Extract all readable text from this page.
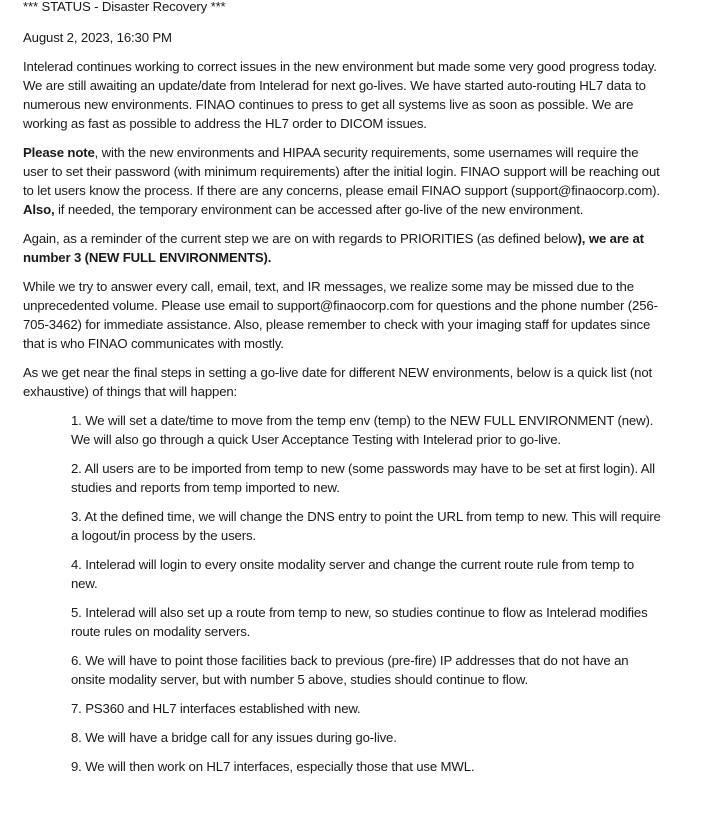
*** STATUS - Disaster Recovery ***

August 2, 2023, 16:30 PM

Intelerad continues working to correct issues in the new environment but made some very good progress today. We are still awaiting an update/date from Intelerad for next go-lives. We have started auto-routing HL7 data to numerous new environments. FINAO continues to press to get all systems live as soon as possible. We are working as fast as possible to address the HL7 order to DICOM issues.

Please note, with the new environments and HIPAA security requirements, some usernames will require the user to set their password (with minimum requirements) after the initial login. FINAO support will be reaching out to let users know the process. If there are any concerns, please email FINAO support (support@finaocorp.com). Also, if needed, the temporary environment can be accessed after go-live of the new environment.

Again, as a reminder of the current step we are on with regards to PRIORITIES (as defined below), we are at number 3 (NEW FULL ENVIRONMENTS).

While we try to answer every call, email, text, and IR messages, we realize some may be missed due to the unprecedented volume. Please use email to support@finaocorp.com for questions and the phone number (256-705-3462) for immediate assistance. Also, please remember to check with your imaging staff for updates since that is who FINAO communicates with mostly.

As we get near the final steps in setting a go-live date for different NEW environments, below is a quick list (not exhaustive) of things that will happen:

1. We will set a date/time to move from the temp env (temp) to the NEW FULL ENVIRONMENT (new). We will also go through a quick User Acceptance Testing with Intelerad prior to go-live.
2. All users are to be imported from temp to new (some passwords may have to be set at first login). All studies and reports from temp imported to new.
3. At the defined time, we will change the DNS entry to point the URL from temp to new. This will require a logout/in process by the users.
4. Intelerad will login to every onsite modality server and change the current route rule from temp to new.
5. Intelerad will also set up a route from temp to new, so studies continue to flow as Intelerad modifies route rules on modality servers.
6. We will have to point those facilities back to previous (pre-fire) IP addresses that do not have an onsite modality server, but with number 5 above, studies should continue to flow.
7. PS360 and HL7 interfaces established with new.
8. We will have a bridge call for any issues during go-live.
9. We will then work on HL7 interfaces, especially those that use MWL.
